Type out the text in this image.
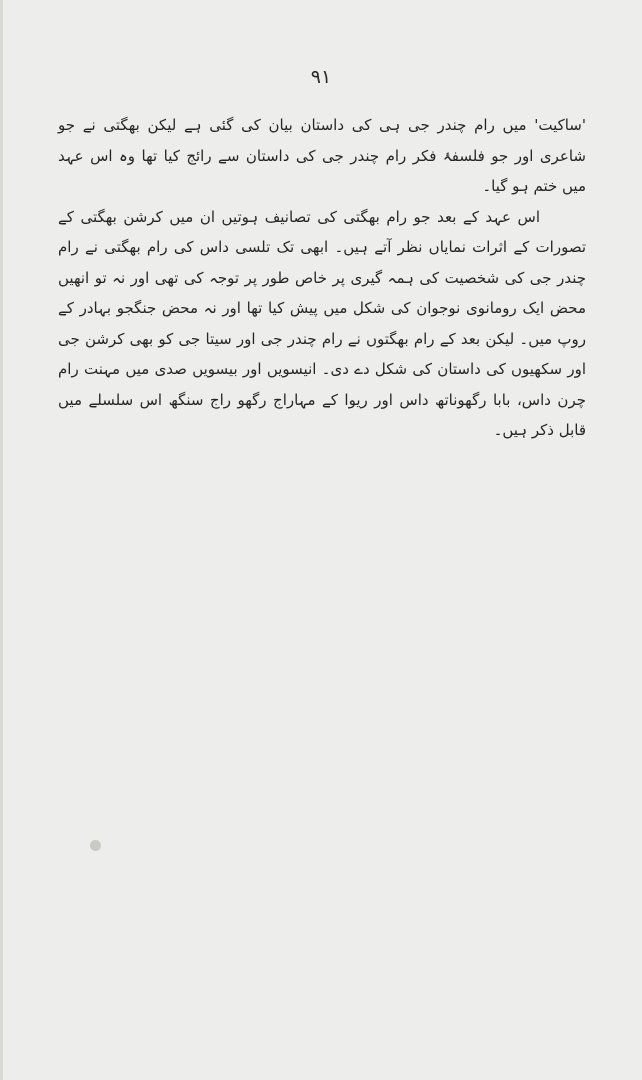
۹۱

'ساکیت' میں رام چندر جی ہی کی داستان بیان کی گئی ہے لیکن بھگتی نے جو شاعری اور جو فلسفۂ فکر رام چندر جی کی داستان سے رائج کیا تھا وہ اس عہد میں ختم ہو گیا۔

اس عہد کے بعد جو رام بھگتی کی تصانیف ہوتیں ان میں کرشن بھگتی کے تصورات کے اثرات نمایاں نظر آتے ہیں۔ ابھی تک تلسی داس کی رام بھگتی نے رام چندر جی کی شخصیت کی ہمہ گیری پر خاص طور پر توجہ کی تھی اور نہ تو انھیں محض ایک رومانوی نوجوان کی شکل میں پیش کیا تھا اور نہ محض جنگجو بہادر کے روپ میں۔ لیکن بعد کے رام بھگتوں نے رام چندر جی اور سیتا جی کو بھی کرشن جی اور سکھیوں کی داستان کی شکل دے دی۔ انیسویں اور بیسویں صدی میں مہنت رام چرن داس، بابا رگھوناتھ داس اور ریوا کے مہاراج رگھو راج سنگھ اس سلسلے میں قابل ذکر ہیں۔
